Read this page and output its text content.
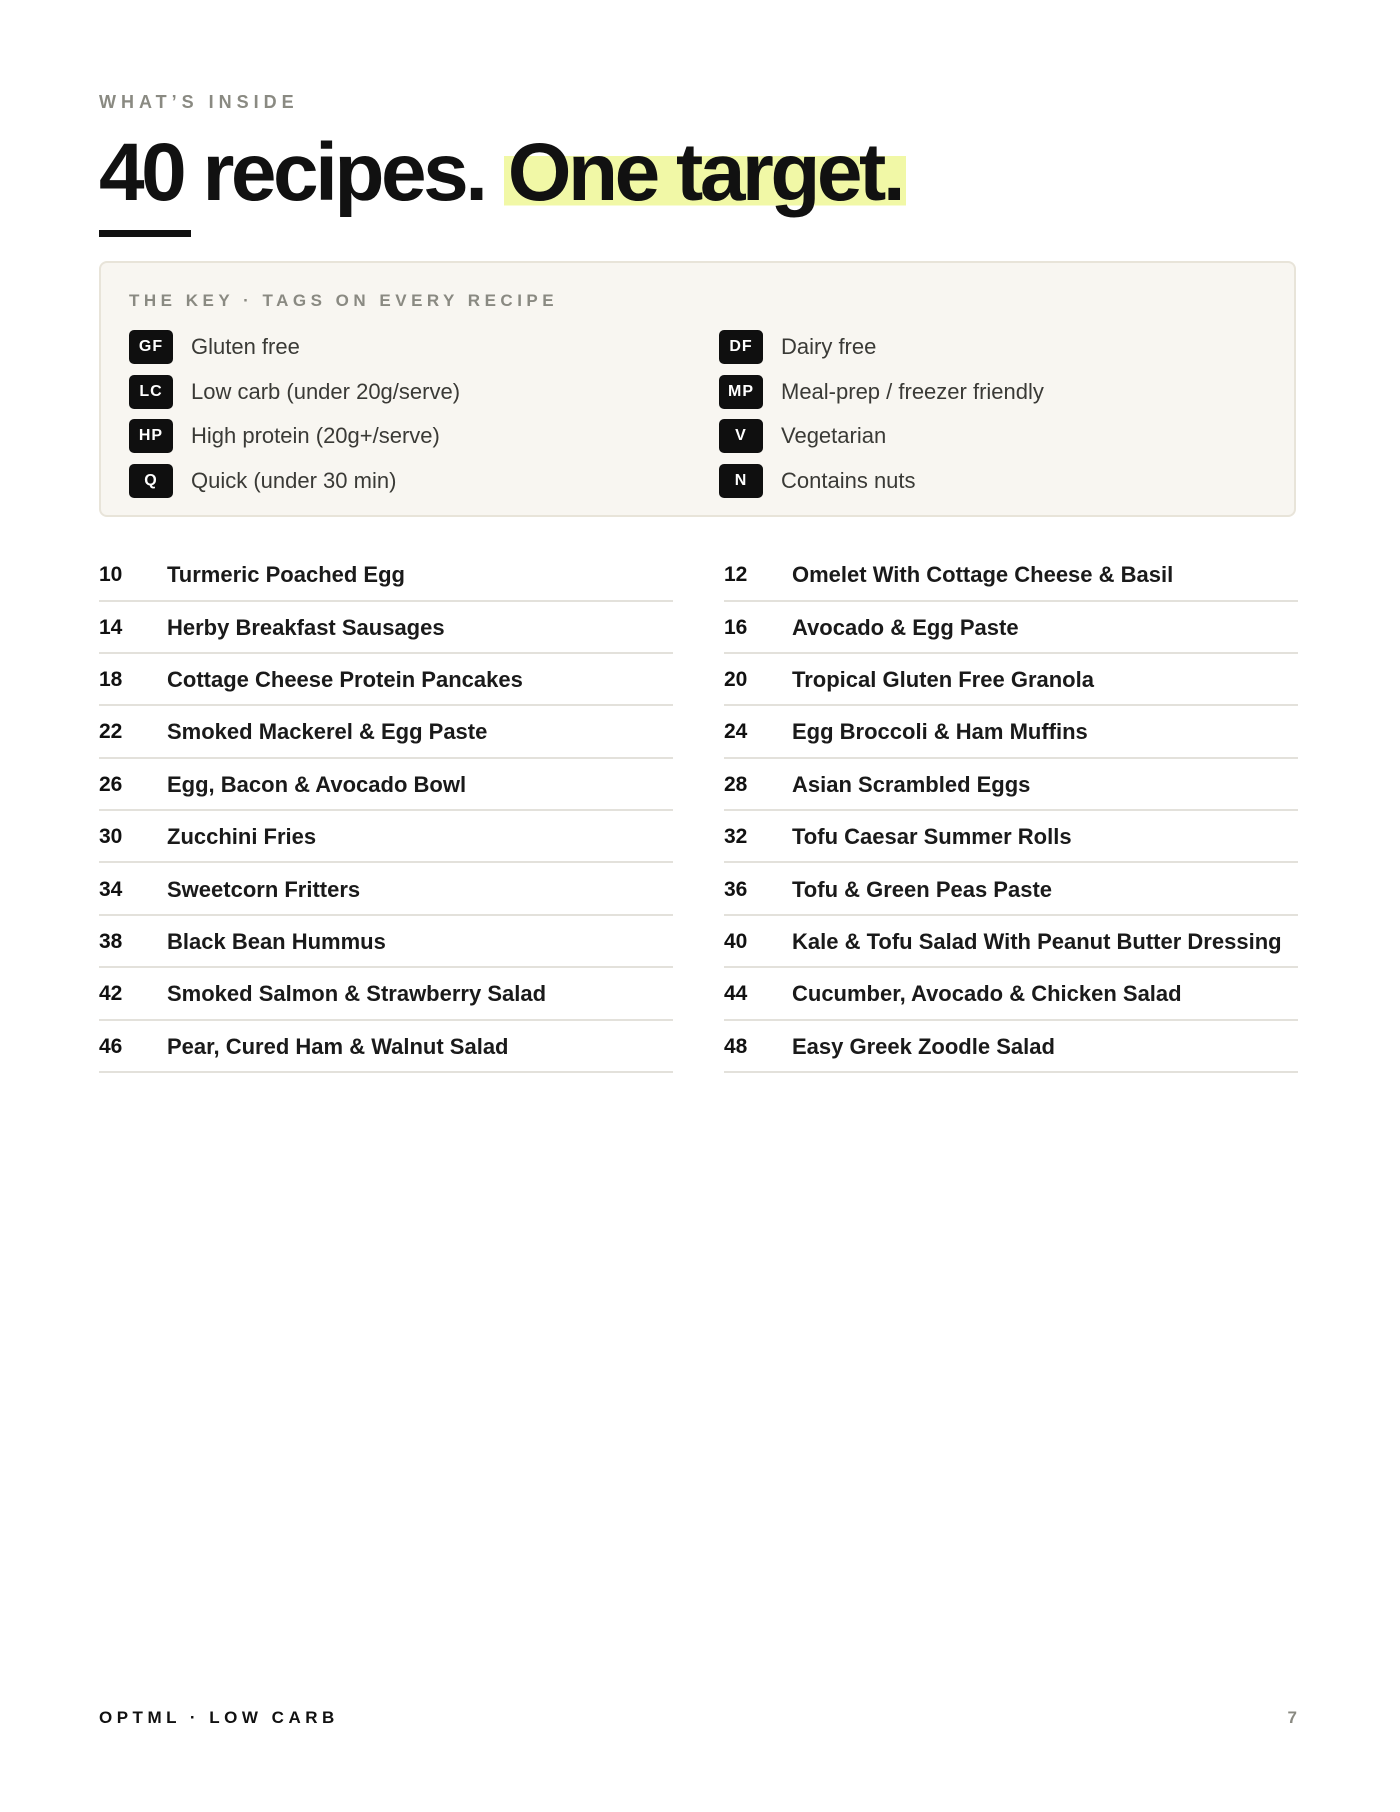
WHAT’S INSIDE
40 recipes. One target.
THE KEY · TAGS ON EVERY RECIPE
GF	Gluten free
LC	Low carb (under 20g/serve)
HP	High protein (20g+/serve)
Q	Quick (under 30 min)
DF	Dairy free
MP	Meal-prep / freezer friendly
V	Vegetarian
N	Contains nuts
10	Turmeric Poached Egg
14	Herby Breakfast Sausages
18	Cottage Cheese Protein Pancakes
22	Smoked Mackerel & Egg Paste
26	Egg, Bacon & Avocado Bowl
30	Zucchini Fries
34	Sweetcorn Fritters
38	Black Bean Hummus
42	Smoked Salmon & Strawberry Salad
46	Pear, Cured Ham & Walnut Salad
12	Omelet With Cottage Cheese & Basil
16	Avocado & Egg Paste
20	Tropical Gluten Free Granola
24	Egg Broccoli & Ham Muffins
28	Asian Scrambled Eggs
32	Tofu Caesar Summer Rolls
36	Tofu & Green Peas Paste
40	Kale & Tofu Salad With Peanut Butter Dressing
44	Cucumber, Avocado & Chicken Salad
48	Easy Greek Zoodle Salad
OPTML · LOW CARB	7
